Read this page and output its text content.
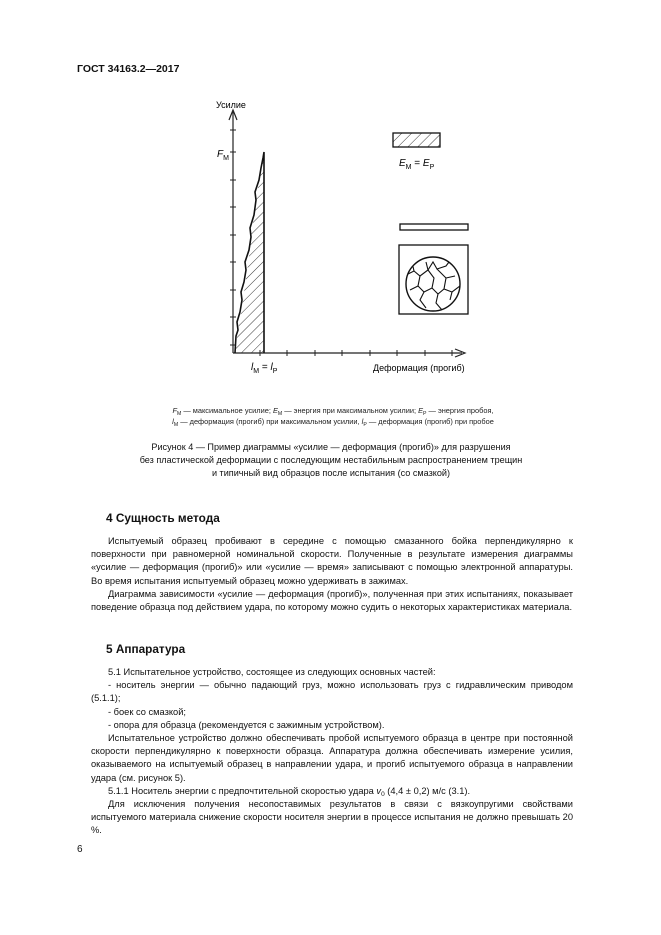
ГОСТ 34163.2—2017
Усилие
$F_M$
$l_M = l_P$	Деформация (прогиб)
$E_M = E_P$
$F_M$ — максимальное усилие; $E_M$ — энергия при максимальном усилии; $E_P$ — энергия пробоя,
$l_M$ — деформация (прогиб) при максимальном усилии, $l_P$ — деформация (прогиб) при пробое
Рисунок 4 — Пример диаграммы «усилие — деформация (прогиб)» для разрушения
без пластической деформации с последующим нестабильным распространением трещин
и типичный вид образцов после испытания (со смазкой)
4 Сущность метода

Испытуемый образец пробивают в середине с помощью смазанного бойка перпендикулярно к поверхности при равномерной номинальной скорости. Полученные в результате измерения диаграммы «усилие — деформация (прогиб)» или «усилие — время» записывают с помощью электронной аппаратуры. Во время испытания испытуемый образец можно удерживать в зажимах.

Диаграмма зависимости «усилие — деформация (прогиб)», полученная при этих испытаниях, показывает поведение образца под действием удара, по которому можно судить о некоторых характеристиках материала.

5 Аппаратура

5.1 Испытательное устройство, состоящее из следующих основных частей:

- носитель энергии — обычно падающий груз, можно использовать груз с гидравлическим приводом (5.1.1);

- боек со смазкой;

- опора для образца (рекомендуется с зажимным устройством).

Испытательное устройство должно обеспечивать пробой испытуемого образца в центре при постоянной скорости перпендикулярно к поверхности образца. Аппаратура должна обеспечивать измерение усилия, оказываемого на испытуемый образец в направлении удара, и прогиб испытуемого образца в направлении удара (см. рисунок 5).

5.1.1 Носитель энергии с предпочтительной скоростью удара $v_0$ (4,4 ± 0,2) м/с (3.1).

Для исключения получения несопоставимых результатов в связи с вязкоупругими свойствами испытуемого материала снижение скорости носителя энергии в процессе испытания не должно превышать 20 %.

6
